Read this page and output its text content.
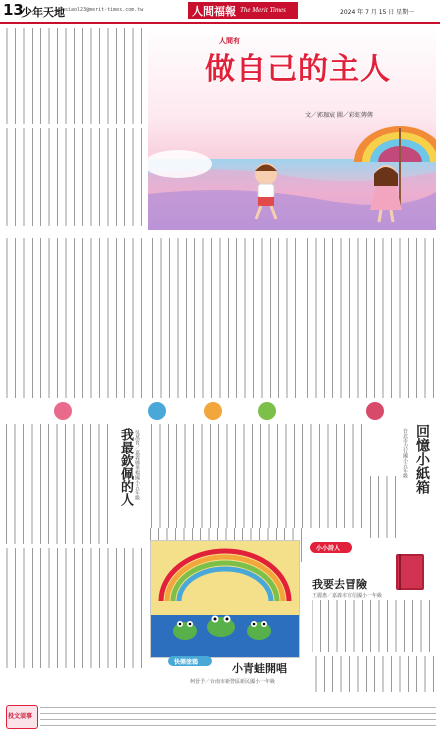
13
少年天地
hsiaol23@merit-times.com.tw	人間福報 The Merit Times	2024 年 7 月 15 日 星期一
人間有
做自己的主人
文／郭珈宸 圖／彩虹傳傳
我最欽佩的人 吳萬育／嘉義縣垂楊國小五年級	回憶小紙箱
台北市力行國小五年級
小小詩人
我要去冒險
王麗惠／嘉義市宣信國小一年級
快樂塗鴉	小青蛙開唱
柯晉予／台南市新營區新民國小一年級
投文須事
